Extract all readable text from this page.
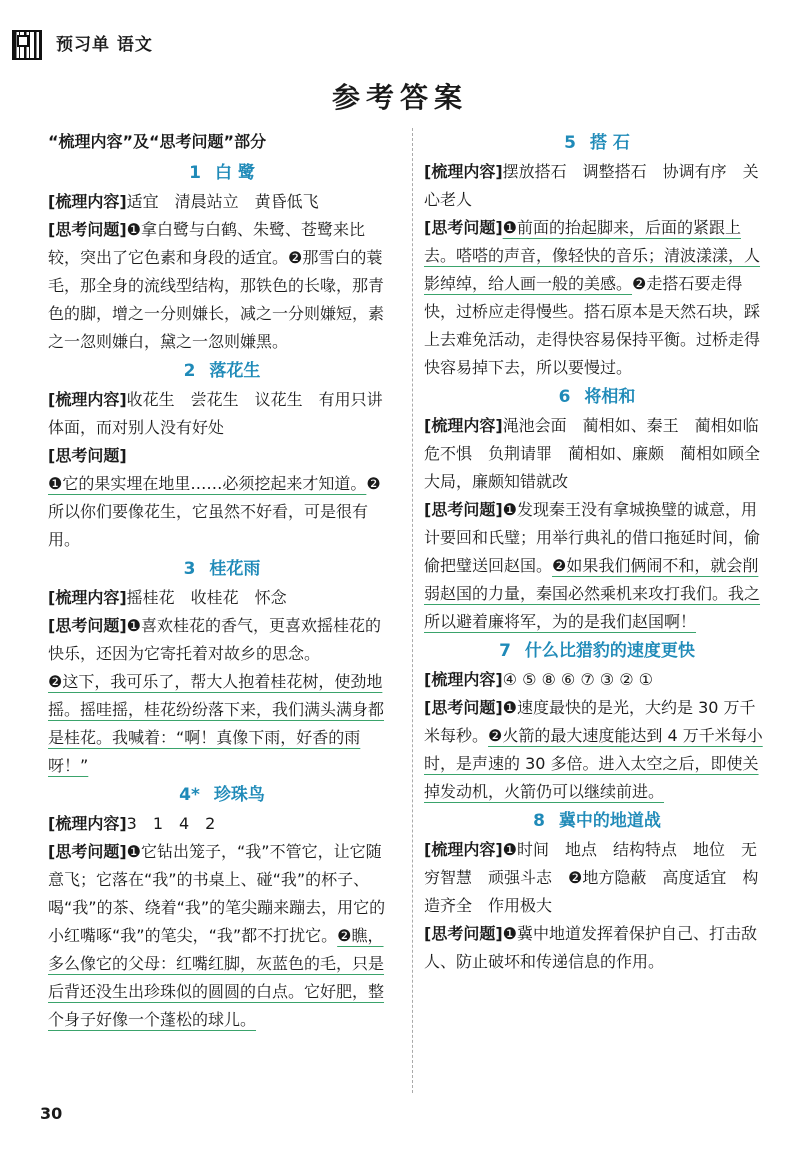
预习单 语文
参考答案
“梳理内容”及“思考问题”部分
1 白 鹭

[梳理内容]适宜　清晨站立　黄昏低飞

[思考问题]❶拿白鹭与白鹤、朱鹭、苍鹭来比较，突出了它色素和身段的适宜。❷那雪白的蓑毛，那全身的流线型结构，那铁色的长喙，那青色的脚，增之一分则嫌长，减之一分则嫌短，素之一忽则嫌白，黛之一忽则嫌黑。

2 落花生

[梳理内容]收花生　尝花生　议花生　有用只讲体面，而对别人没有好处

[思考问题]

❶它的果实埋在地里……必须挖起来才知道。❷所以你们要像花生，它虽然不好看，可是很有用。

3 桂花雨

[梳理内容]摇桂花　收桂花　怀念

[思考问题]❶喜欢桂花的香气，更喜欢摇桂花的快乐，还因为它寄托着对故乡的思念。

❷这下，我可乐了，帮大人抱着桂花树，使劲地摇。摇哇摇，桂花纷纷落下来，我们满头满身都是桂花。我喊着：“啊！真像下雨，好香的雨呀！”

4* 珍珠鸟

[梳理内容]3　1　4　2

[思考问题]❶它钻出笼子，“我”不管它，让它随意飞；它落在“我”的书桌上、碰“我”的杯子、喝“我”的茶、绕着“我”的笔尖蹦来蹦去，用它的小红嘴啄“我”的笔尖，“我”都不打扰它。❷瞧，多么像它的父母：红嘴红脚，灰蓝色的毛，只是后背还没生出珍珠似的圆圆的白点。它好肥，整个身子好像一个蓬松的球儿。

5 搭 石

[梳理内容]摆放搭石　调整搭石　协调有序　关心老人

[思考问题]❶前面的抬起脚来，后面的紧跟上去。嗒嗒的声音，像轻快的音乐；清波漾漾，人影绰绰，给人画一般的美感。❷走搭石要走得快，过桥应走得慢些。搭石原本是天然石块，踩上去难免活动，走得快容易保持平衡。过桥走得快容易掉下去，所以要慢过。

6 将相和

[梳理内容]渑池会面　蔺相如、秦王　蔺相如临危不惧　负荆请罪　蔺相如、廉颇　蔺相如顾全大局，廉颇知错就改

[思考问题]❶发现秦王没有拿城换璧的诚意，用计要回和氏璧；用举行典礼的借口拖延时间，偷偷把璧送回赵国。❷如果我们俩闹不和，就会削弱赵国的力量，秦国必然乘机来攻打我们。我之所以避着廉将军，为的是我们赵国啊！

7 什么比猎豹的速度更快

[梳理内容]④ ⑤ ⑧ ⑥ ⑦ ③ ② ①

[思考问题]❶速度最快的是光，大约是 30 万千米每秒。❷火箭的最大速度能达到 4 万千米每小时，是声速的 30 多倍。进入太空之后，即使关掉发动机，火箭仍可以继续前进。

8 冀中的地道战

[梳理内容]❶时间　地点　结构特点　地位　无穷智慧　顽强斗志　❷地方隐蔽　高度适宜　构造齐全　作用极大

[思考问题]❶冀中地道发挥着保护自己、打击敌人、防止破坏和传递信息的作用。

30
